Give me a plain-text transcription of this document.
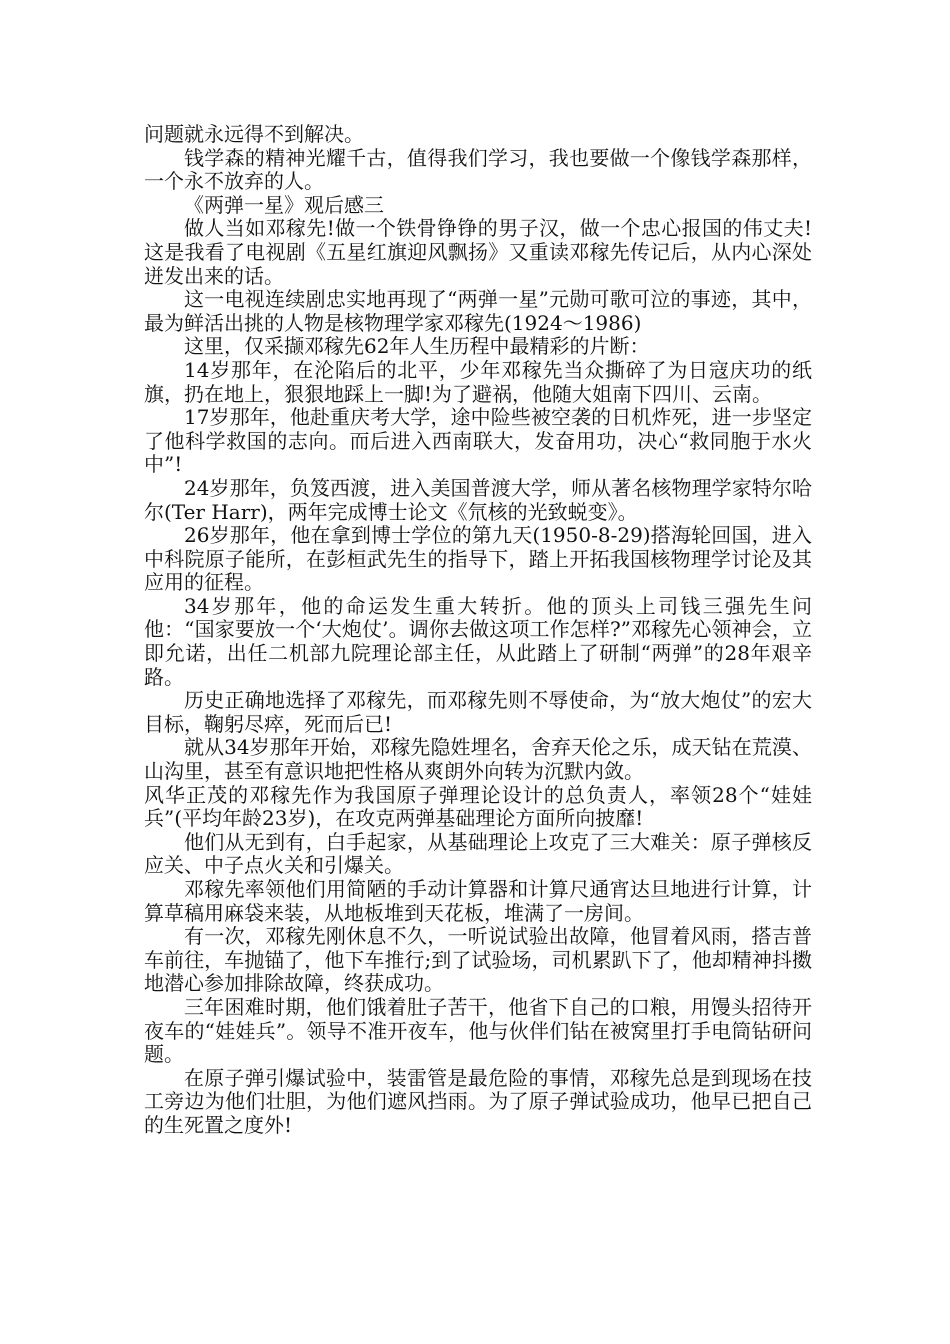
问题就永远得不到解决。

钱学森的精神光耀千古，值得我们学习，我也要做一个像钱学森那样，一个永不放弃的人。

《两弹一星》观后感三

做人当如邓稼先!做一个铁骨铮铮的男子汉，做一个忠心报国的伟丈夫!这是我看了电视剧《五星红旗迎风飘扬》又重读邓稼先传记后，从内心深处迸发出来的话。

这一电视连续剧忠实地再现了“两弹一星”元勋可歌可泣的事迹，其中，最为鲜活出挑的人物是核物理学家邓稼先(1924～1986)

这里，仅采撷邓稼先62年人生历程中最精彩的片断：

14岁那年，在沦陷后的北平，少年邓稼先当众撕碎了为日寇庆功的纸旗，扔在地上，狠狠地踩上一脚!为了避祸，他随大姐南下四川、云南。

17岁那年，他赴重庆考大学，途中险些被空袭的日机炸死，进一步坚定了他科学救国的志向。而后进入西南联大，发奋用功，决心“救同胞于水火中”!

24岁那年，负笈西渡，进入美国普渡大学，师从著名核物理学家特尔哈尔(Ter Harr)，两年完成博士论文《氘核的光致蜕变》。

26岁那年，他在拿到博士学位的第九天(1950-8-29)搭海轮回国，进入中科院原子能所，在彭桓武先生的指导下，踏上开拓我国核物理学讨论及其应用的征程。

34岁那年，他的命运发生重大转折。他的顶头上司钱三强先生问他：“国家要放一个‘大炮仗’。调你去做这项工作怎样?”邓稼先心领神会，立即允诺，出任二机部九院理论部主任，从此踏上了研制“两弹”的28年艰辛路。

历史正确地选择了邓稼先，而邓稼先则不辱使命，为“放大炮仗”的宏大目标，鞠躬尽瘁，死而后已!

就从34岁那年开始，邓稼先隐姓埋名，舍弃天伦之乐，成天钻在荒漠、山沟里，甚至有意识地把性格从爽朗外向转为沉默内敛。

风华正茂的邓稼先作为我国原子弹理论设计的总负责人，率领28个“娃娃兵”(平均年龄23岁)，在攻克两弹基础理论方面所向披靡!

他们从无到有，白手起家，从基础理论上攻克了三大难关：原子弹核反应关、中子点火关和引爆关。

邓稼先率领他们用简陋的手动计算器和计算尺通宵达旦地进行计算，计算草稿用麻袋来装，从地板堆到天花板，堆满了一房间。

有一次，邓稼先刚休息不久，一听说试验出故障，他冒着风雨，搭吉普车前往，车抛锚了，他下车推行;到了试验场，司机累趴下了，他却精神抖擞地潜心参加排除故障，终获成功。

三年困难时期，他们饿着肚子苦干，他省下自己的口粮，用馒头招待开夜车的“娃娃兵”。领导不准开夜车，他与伙伴们钻在被窝里打手电筒钻研问题。

在原子弹引爆试验中，装雷管是最危险的事情，邓稼先总是到现场在技工旁边为他们壮胆，为他们遮风挡雨。为了原子弹试验成功，他早已把自己的生死置之度外!
